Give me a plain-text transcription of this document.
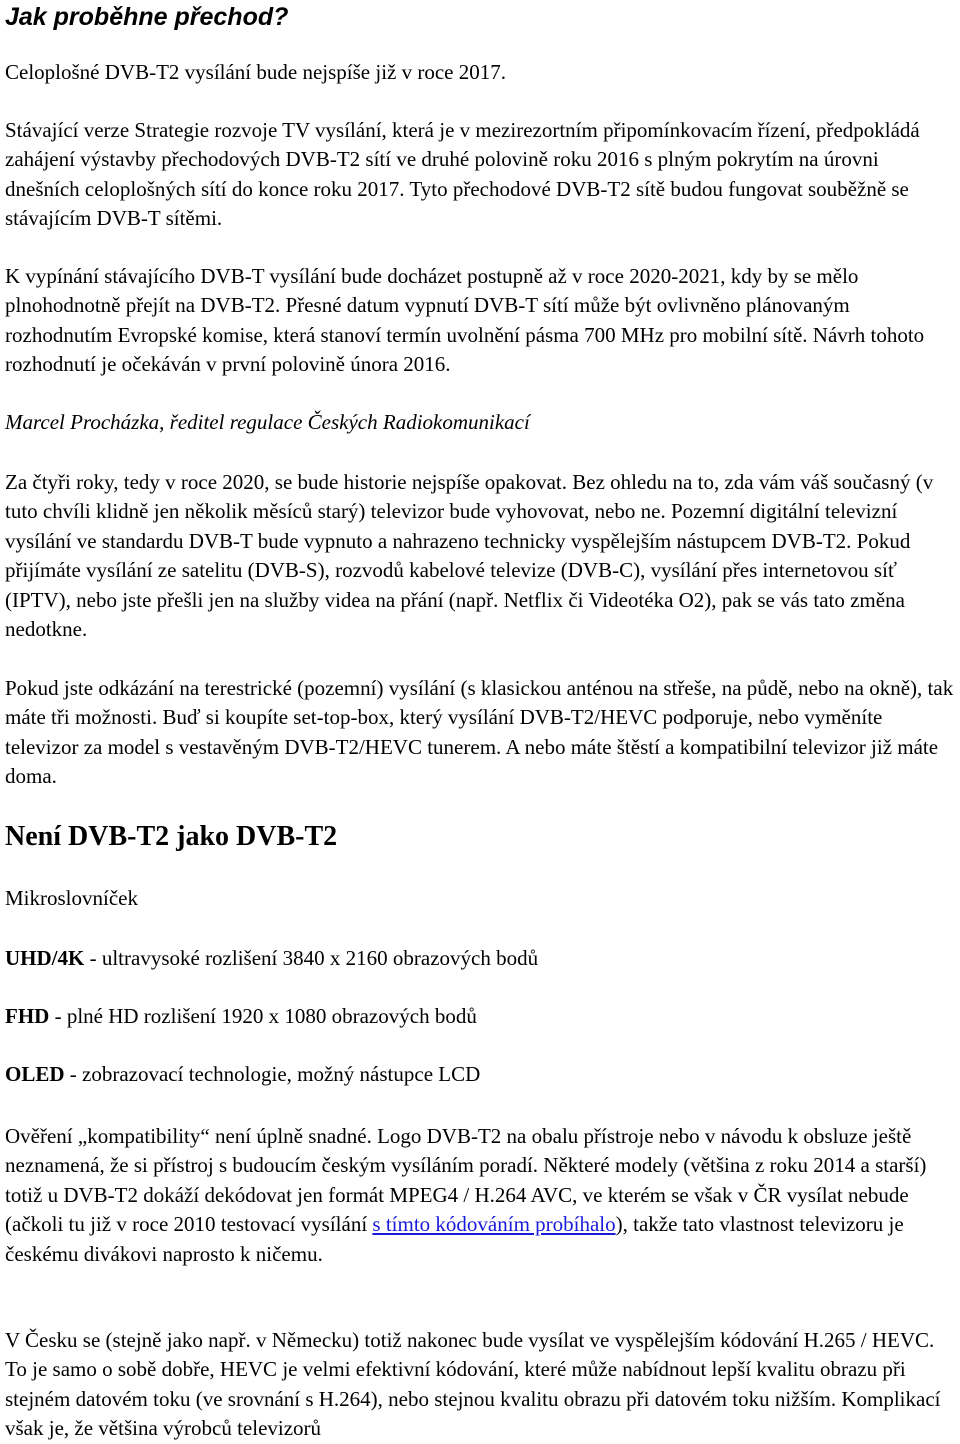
Jak proběhne přechod?

Celoplošné DVB-T2 vysílání bude nejspíše již v roce 2017.

Stávající verze Strategie rozvoje TV vysílání, která je v mezirezortním připomínkovacím řízení, předpokládá zahájení výstavby přechodových DVB-T2 sítí ve druhé polovině roku 2016 s plným pokrytím na úrovni dnešních celoplošných sítí do konce roku 2017. Tyto přechodové DVB-T2 sítě budou fungovat souběžně se stávajícím DVB-T sítěmi.

K vypínání stávajícího DVB-T vysílání bude docházet postupně až v roce 2020-2021, kdy by se mělo plnohodnotně přejít na DVB-T2. Přesné datum vypnutí DVB-T sítí může být ovlivněno plánovaným rozhodnutím Evropské komise, která stanoví termín uvolnění pásma 700 MHz pro mobilní sítě. Návrh tohoto rozhodnutí je očekáván v první polovině února 2016.

Marcel Procházka, ředitel regulace Českých Radiokomunikací

Za čtyři roky, tedy v roce 2020, se bude historie nejspíše opakovat. Bez ohledu na to, zda vám váš současný (v tuto chvíli klidně jen několik měsíců starý) televizor bude vyhovovat, nebo ne. Pozemní digitální televizní vysílání ve standardu DVB-T bude vypnuto a nahrazeno technicky vyspělejším nástupcem DVB-T2. Pokud přijímáte vysílání ze satelitu (DVB-S), rozvodů kabelové televize (DVB-C), vysílání přes internetovou síť (IPTV), nebo jste přešli jen na služby videa na přání (např. Netflix či Videotéka O2), pak se vás tato změna nedotkne.

Pokud jste odkázání na terestrické (pozemní) vysílání (s klasickou anténou na střeše, na půdě, nebo na okně), tak máte tři možnosti. Buď si koupíte set-top-box, který vysílání DVB-T2/HEVC podporuje, nebo vyměníte televizor za model s vestavěným DVB-T2/HEVC tunerem. A nebo máte štěstí a kompatibilní televizor již máte doma.

Není DVB-T2 jako DVB-T2

Mikroslovníček

UHD/4K - ultravysoké rozlišení 3840 x 2160 obrazových bodů

FHD - plné HD rozlišení 1920 x 1080 obrazových bodů

OLED - zobrazovací technologie, možný nástupce LCD

Ověření „kompatibility“ není úplně snadné. Logo DVB-T2 na obalu přístroje nebo v návodu k obsluze ještě neznamená, že si přístroj s budoucím českým vysíláním poradí. Některé modely (většina z roku 2014 a starší) totiž u DVB-T2 dokáží dekódovat jen formát MPEG4 / H.264 AVC, ve kterém se však v ČR vysílat nebude (ačkoli tu již v roce 2010 testovací vysílání s tímto kódováním probíhalo), takže tato vlastnost televizoru je českému divákovi naprosto k ničemu.

V Česku se (stejně jako např. v Německu) totiž nakonec bude vysílat ve vyspělejším kódování H.265 / HEVC. To je samo o sobě dobře, HEVC je velmi efektivní kódování, které může nabídnout lepší kvalitu obrazu při stejném datovém toku (ve srovnání s H.264), nebo stejnou kvalitu obrazu při datovém toku nižším. Komplikací však je, že většina výrobců televizorů
